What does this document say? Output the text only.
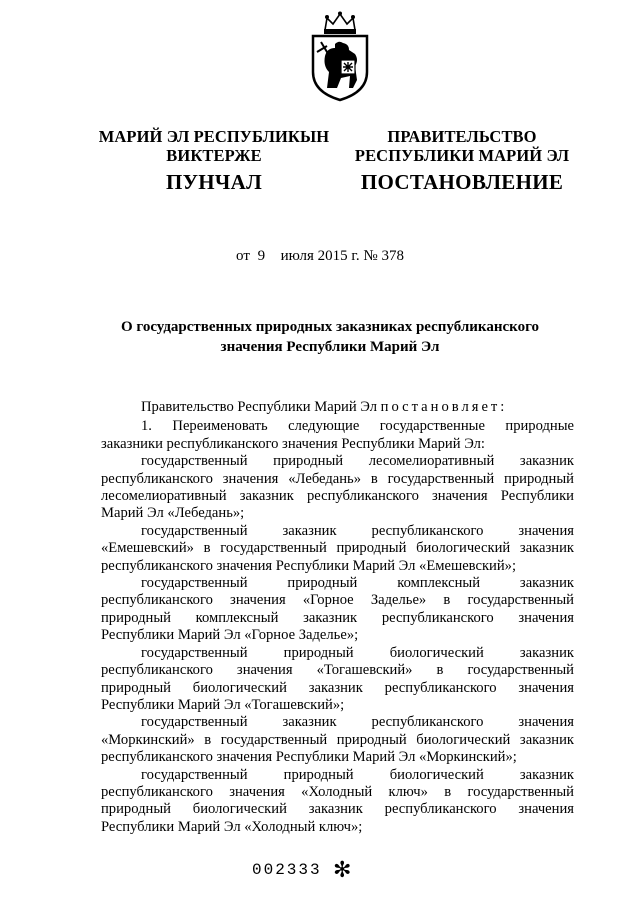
МАРИЙ ЭЛ РЕСПУБЛИКЫН
ВИКТЕРЖЕ
ПУНЧАЛ
ПРАВИТЕЛЬСТВО
РЕСПУБЛИКИ МАРИЙ ЭЛ
ПОСТАНОВЛЕНИЕ
от 9 июля 2015 г. № 378
О государственных природных заказниках республиканского
значения Республики Марий Эл

Правительство Республики Марий Эл постановляет:

1. Переименовать следующие государственные природные

заказники республиканского значения Республики Марий Эл:

государственный природный лесомелиоративный заказник

республиканского значения «Лебедань» в государственный природный

лесомелиоративный заказник республиканского значения Республики

Марий Эл «Лебедань»;

государственный заказник республиканского значения

«Емешевский» в государственный природный биологический заказник

республиканского значения Республики Марий Эл «Емешевский»;

государственный природный комплексный заказник

республиканского значения «Горное Заделье» в государственный

природный комплексный заказник республиканского значения

Республики Марий Эл «Горное Заделье»;

государственный природный биологический заказник

республиканского значения «Тогашевский» в государственный

природный биологический заказник республиканского значения

Республики Марий Эл «Тогашевский»;

государственный заказник республиканского значения

«Моркинский» в государственный природный биологический заказник

республиканского значения Республики Марий Эл «Моркинский»;

государственный природный биологический заказник

республиканского значения «Холодный ключ» в государственный

природный биологический заказник республиканского значения

Республики Марий Эл «Холодный ключ»;

002333 ✻
